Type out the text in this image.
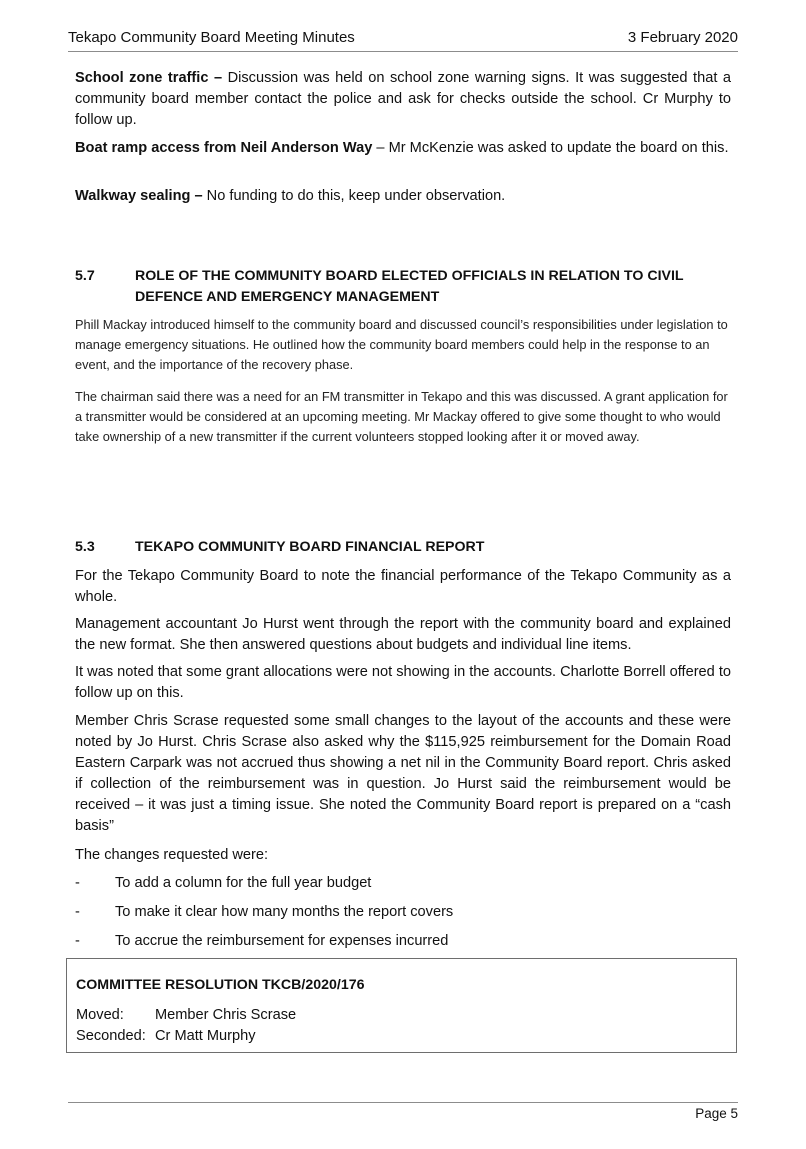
Tekapo Community Board Meeting Minutes	3 February 2020

School zone traffic – Discussion was held on school zone warning signs. It was suggested that a community board member contact the police and ask for checks outside the school. Cr Murphy to follow up.

Boat ramp access from Neil Anderson Way – Mr McKenzie was asked to update the board on this.

Walkway sealing – No funding to do this, keep under observation.

5.7	ROLE OF THE COMMUNITY BOARD ELECTED OFFICIALS IN RELATION TO CIVIL DEFENCE AND EMERGENCY MANAGEMENT

Phill Mackay introduced himself to the community board and discussed council’s responsibilities under legislation to manage emergency situations. He outlined how the community board members could help in the response to an event, and the importance of the recovery phase.

The chairman said there was a need for an FM transmitter in Tekapo and this was discussed. A grant application for a transmitter would be considered at an upcoming meeting. Mr Mackay offered to give some thought to who would take ownership of a new transmitter if the current volunteers stopped looking after it or moved away.

5.3	TEKAPO COMMUNITY BOARD FINANCIAL REPORT

For the Tekapo Community Board to note the financial performance of the Tekapo Community as a whole.

Management accountant Jo Hurst went through the report with the community board and explained the new format. She then answered questions about budgets and individual line items.

It was noted that some grant allocations were not showing in the accounts. Charlotte Borrell offered to follow up on this.

Member Chris Scrase requested some small changes to the layout of the accounts and these were noted by Jo Hurst. Chris Scrase also asked why the $115,925 reimbursement for the Domain Road Eastern Carpark was not accrued thus showing a net nil in the Community Board report. Chris asked if collection of the reimbursement was in question. Jo Hurst said the reimbursement would be received – it was just a timing issue. She noted the Community Board report is prepared on a “cash basis”

The changes requested were:

- To add a column for the full year budget
- To make it clear how many months the report covers
- To accrue the reimbursement for expenses incurred
COMMITTEE RESOLUTION TKCB/2020/176
Moved: Member Chris Scrase
Seconded: Cr Matt Murphy
Page 5
